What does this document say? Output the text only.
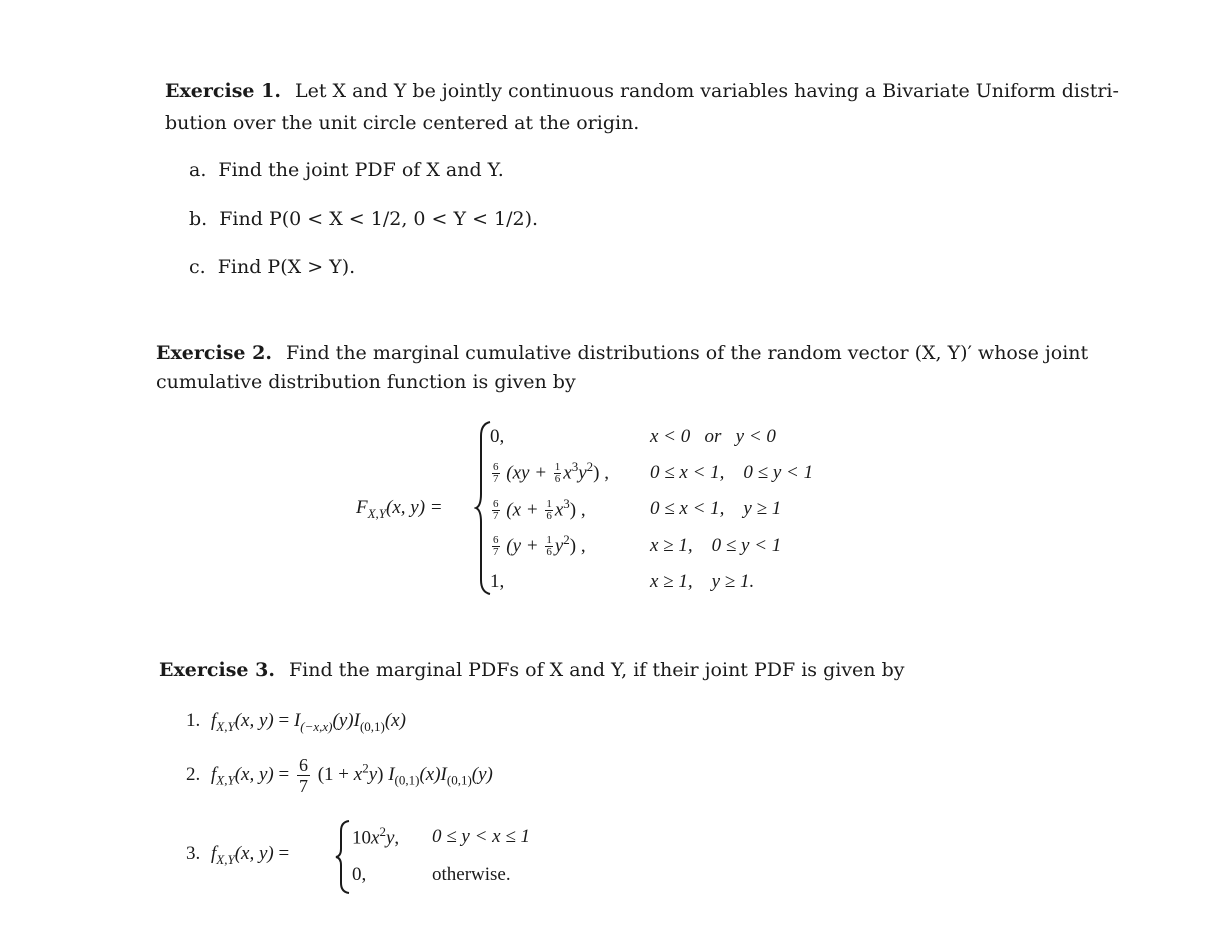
Exercise 1. Let X and Y be jointly continuous random variables having a Bivariate Uniform distri-
bution over the unit circle centered at the origin.
a. Find the joint PDF of X and Y.
b. Find P(0 < X < 1/2, 0 < Y < 1/2).
c. Find P(X > Y).
Exercise 2. Find the marginal cumulative distributions of the random vector (X, Y)′ whose joint
cumulative distribution function is given by
$F_{X,Y}(x$, y) =
0,
$\frac{6}{7} (xy + \frac{1}{6} x^3y^2)$ ,
$\frac{6}{7} (x + \frac{1}{6} x^3)$ ,
$\frac{6}{7} (y + \frac{1}{6} y^2)$ ,
1,
x < 0   or   y < 0
0 ≤ x < 1,    0 ≤ y < 1
0 ≤ x < 1,    y ≥ 1
x ≥ 1,    0 ≤ y < 1
x ≥ 1,    y ≥ 1.
Exercise 3. Find the marginal PDFs of X and Y, if their joint PDF is given by
1. $f_{X,Y}(x$, $y) = I_{(-x,x)}(y)I_{(0,1)}(x)$
2. $f_{X,Y}(x$, $y) = \frac{6}{7} (1 + x^2y)$ $I_{(0,1)}(x)I_{(0,1)}(y)$
3. $f_{X,Y}(x$, y) =
$10x^2y$, 0 ≤ y < x ≤ 1
0,	otherwise.
